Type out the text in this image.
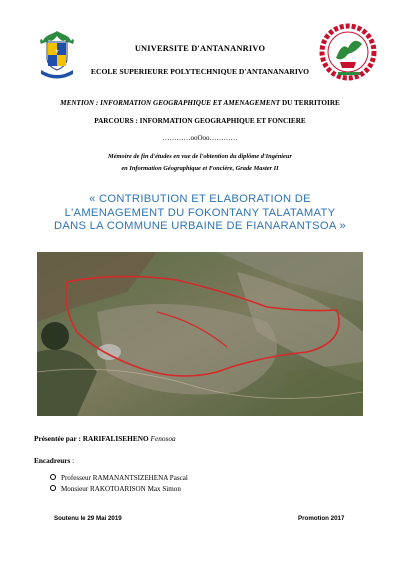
⚜	UNIVERSITE D'ANTANANRIVO
ECOLE SUPERIEURE POLYTECHNIQUE D'ANTANANARIVO
MENTION : INFORMATION GEOGRAPHIQUE ET AMENAGEMENT DU TERRITOIRE
PARCOURS : INFORMATION GEOGRAPHIQUE ET FONCIERE
…………ooOoo…………
Mémoire de fin d'études en vue de l'obtention du diplôme d'Ingénieur
en Information Géographique et Foncière, Grade Master II
« CONTRIBUTION ET ELABORATION DE
L'AMENAGEMENT DU FOKONTANY TALATAMATY
DANS LA COMMUNE URBAINE DE FIANARANTSOA »
Présentée par : RARIFALISEHENO Fenosoa
Encadreurs :
Professeur RAMANANTSIZEHENA Pascal
Monsieur RAKOTOARISON Max Simon
Soutenu le 29 Mai 2019	Promotion 2017
